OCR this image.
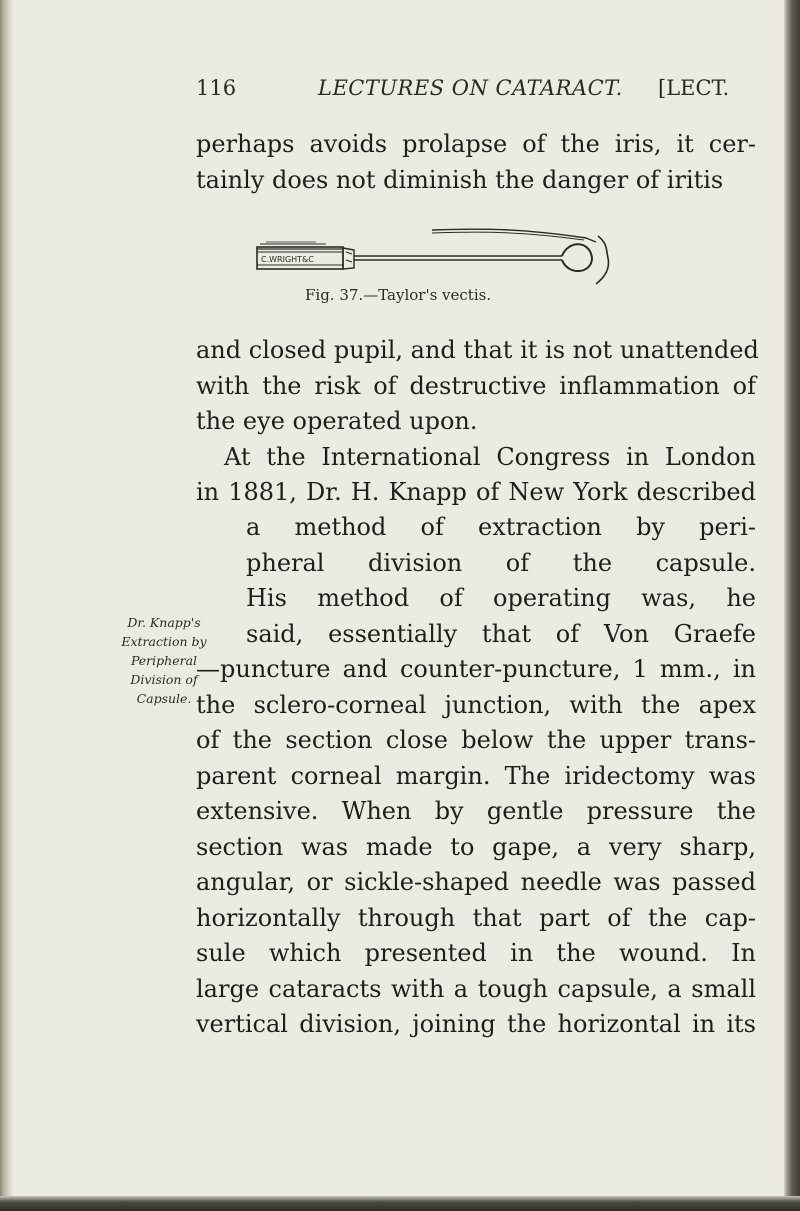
116	LECTURES ON CATARACT. [LECT.
perhaps avoids prolapse of the iris, it cer-
tainly does not diminish the danger of iritis
C.WRIGHT&C
Fig. 37.—Taylor's vectis.
and closed pupil, and that it is not unattended
with the risk of destructive inflammation of
the eye operated upon.
At the International Congress in London
in 1881, Dr. H. Knapp of New York described
a method of extraction by peri-
pheral division of the capsule.
His method of operating was, he
said, essentially that of Von Graefe
Dr. Knapp's
Extraction by
Peripheral
Division of
Capsule.
—puncture and counter-puncture, 1 mm., in
the sclero-corneal junction, with the apex
of the section close below the upper trans-
parent corneal margin. The iridectomy was
extensive. When by gentle pressure the
section was made to gape, a very sharp,
angular, or sickle-shaped needle was passed
horizontally through that part of the cap-
sule which presented in the wound. In
large cataracts with a tough capsule, a small
vertical division, joining the horizontal in its
